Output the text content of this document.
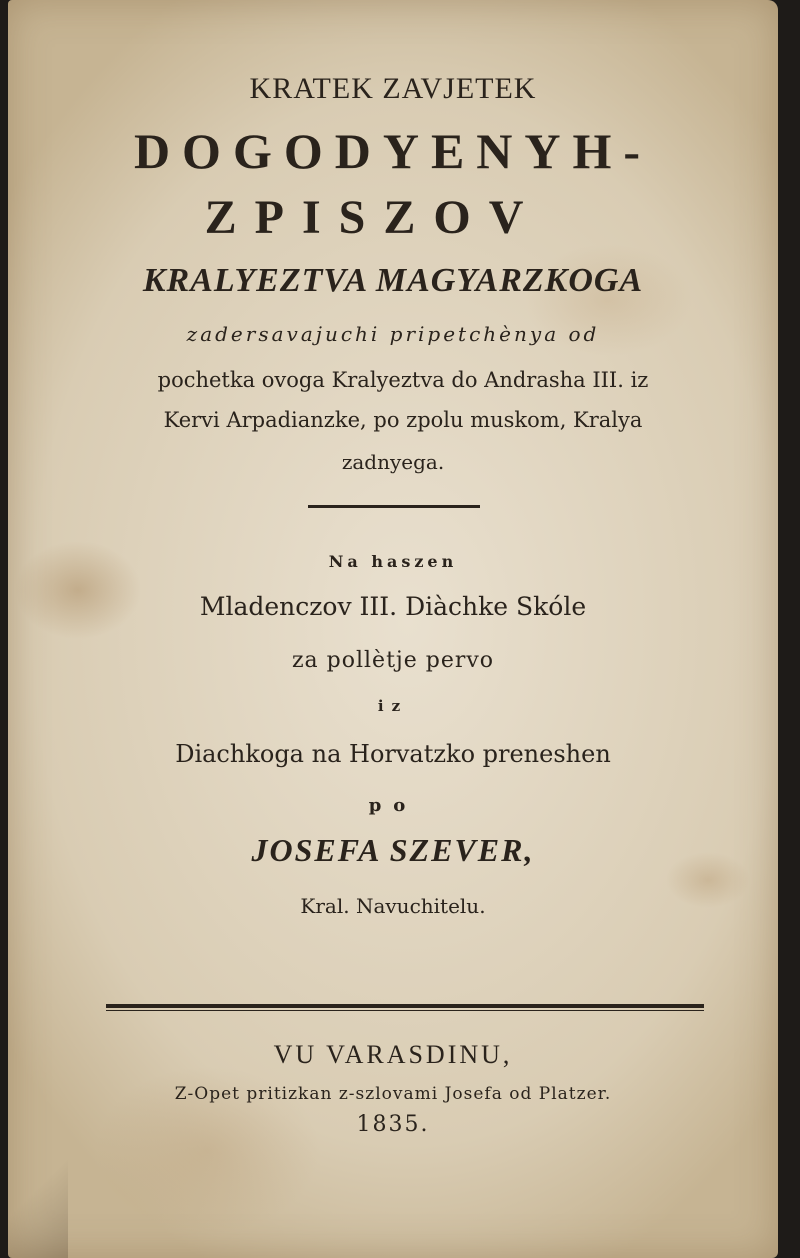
KRATEK ZAVJETEK
DOGODYENYH-
ZPISZOV
KRALYEZTVA MAGYARZKOGA
zadersavajuchi pripetchènya od
pochetka ovoga Kralyeztva do Andrasha III. iz
Kervi Arpadianzke, po zpolu muskom, Kralya
zadnyega.
Na haszen
Mladenczov III. Diàchke Skóle
za pollètje pervo
iz
Diachkoga na Horvatzko preneshen
po
JOSEFA SZEVER,
Kral. Navuchitelu.
VU VARASDINU,
Z-Opet pritizkan z-szlovami Josefa od Platzer.
1835.
